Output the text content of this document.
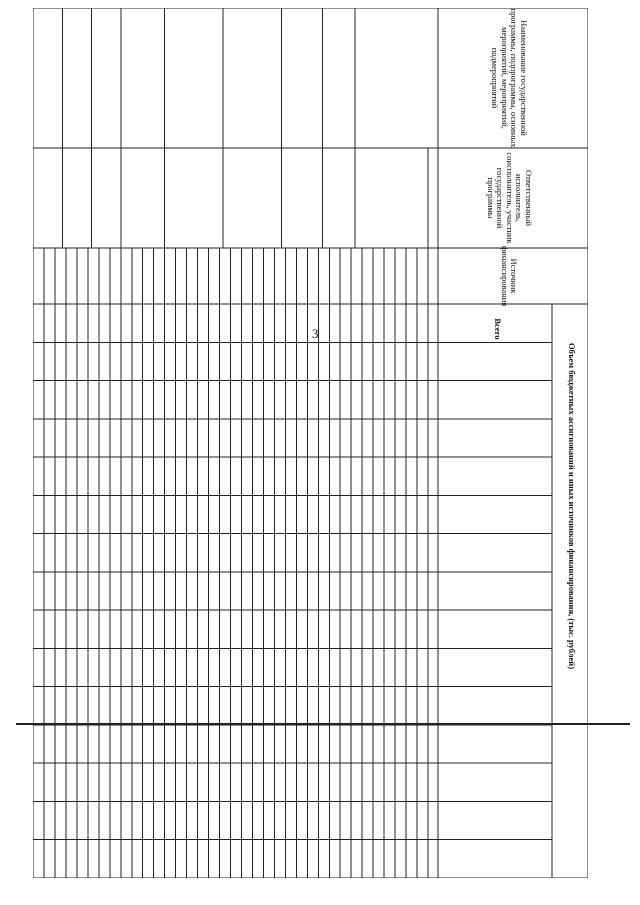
3
Объем бюджетных ассигнований и иных источников финансирования, (тыс. рублей)
Наименование государственной программы, подпрограммы, основных мероприятий, мероприятий, подмероприятий
Ответственный исполнитель, соисполнитель, участник государственной программы
Источник финансирования
Всего
